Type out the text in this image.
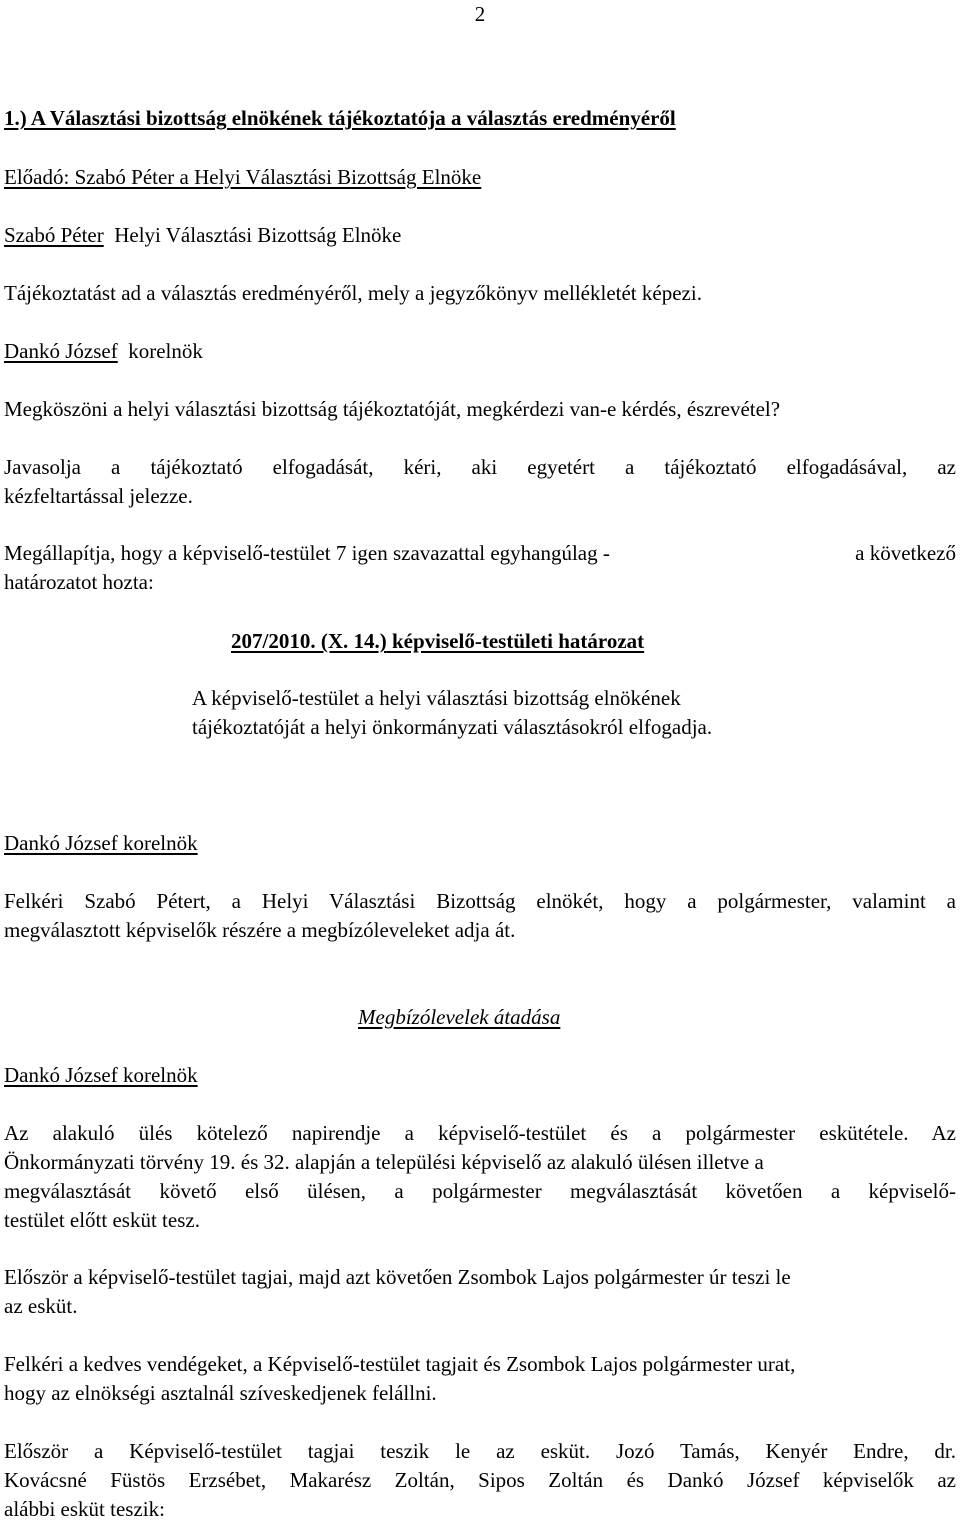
2
1.) A Választási bizottság elnökének tájékoztatója a választás eredményéről
Előadó: Szabó Péter a Helyi Választási Bizottság Elnöke
Szabó Péter Helyi Választási Bizottság Elnöke
Tájékoztatást ad a választás eredményéről, mely a jegyzőkönyv mellékletét képezi.
Dankó József korelnök
Megköszöni a helyi választási bizottság tájékoztatóját, megkérdezi van-e kérdés, észrevétel?
Javasolja a tájékoztató elfogadását, kéri, aki egyetért a tájékoztató elfogadásával, az
kézfeltartással jelezze.
Megállapítja, hogy a képviselő-testület 7 igen szavazattal egyhangúlag -	a következő
határozatot hozta:
207/2010. (X. 14.) képviselő-testületi határozat
A képviselő-testület a helyi választási bizottság elnökének
tájékoztatóját a helyi önkormányzati választásokról elfogadja.
Dankó József korelnök
Felkéri Szabó Pétert, a Helyi Választási Bizottság elnökét, hogy a polgármester, valamint a
megválasztott képviselők részére a megbízóleveleket adja át.
Megbízólevelek átadása
Dankó József korelnök
Az alakuló ülés kötelező napirendje a képviselő-testület és a polgármester eskütétele. Az
Önkormányzati törvény 19. és 32. alapján a települési képviselő az alakuló ülésen illetve a
megválasztását követő első ülésen, a polgármester megválasztását követően a képviselő-
testület előtt esküt tesz.
Először a képviselő-testület tagjai, majd azt követően Zsombok Lajos polgármester úr teszi le
az esküt.
Felkéri a kedves vendégeket, a Képviselő-testület tagjait és Zsombok Lajos polgármester urat,
hogy az elnökségi asztalnál szíveskedjenek felállni.
Először a Képviselő-testület tagjai teszik le az esküt. Jozó Tamás, Kenyér Endre, dr.
Kovácsné Füstös Erzsébet, Makarész Zoltán, Sipos Zoltán és Dankó József képviselők az
alábbi esküt teszik:
